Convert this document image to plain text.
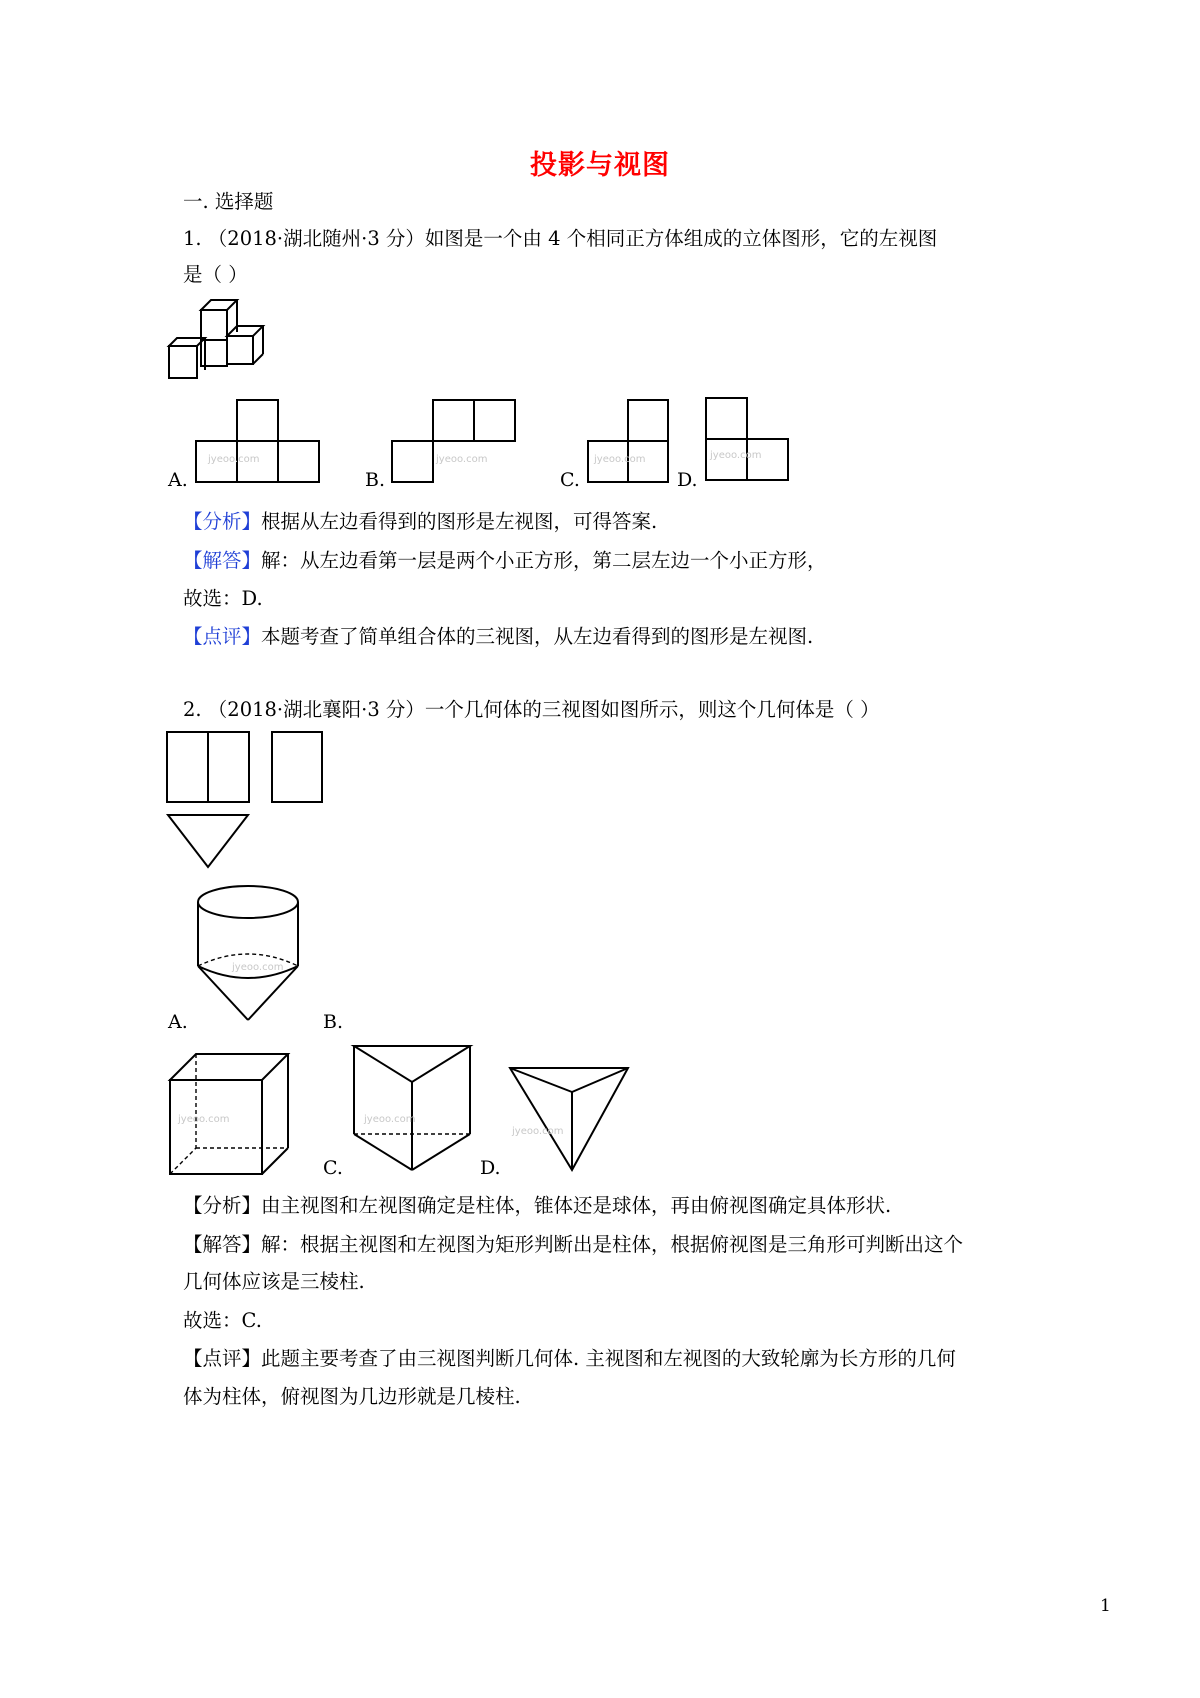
投影与视图
一. 选择题
1. （2018·湖北随州·3 分）如图是一个由 4 个相同正方体组成的立体图形，它的左视图
是（ ）
jyeoo.com
A.
jyeoo.com
B.
jyeoo.com
C.
jyeoo.com
D.
【分析】根据从左边看得到的图形是左视图，可得答案.
【解答】解：从左边看第一层是两个小正方形，第二层左边一个小正方形，
故选：D.
【点评】本题考查了简单组合体的三视图，从左边看得到的图形是左视图.
2. （2018·湖北襄阳·3 分）一个几何体的三视图如图所示，则这个几何体是（ ）
jyeoo.com
A.	B.
jyeoo.com	jyeoo.com
C.
jyeoo.com
D.
【分析】由主视图和左视图确定是柱体，锥体还是球体，再由俯视图确定具体形状.
【解答】解：根据主视图和左视图为矩形判断出是柱体，根据俯视图是三角形可判断出这个
几何体应该是三棱柱.
故选：C.
【点评】此题主要考查了由三视图判断几何体. 主视图和左视图的大致轮廓为长方形的几何
体为柱体，俯视图为几边形就是几棱柱.
1
